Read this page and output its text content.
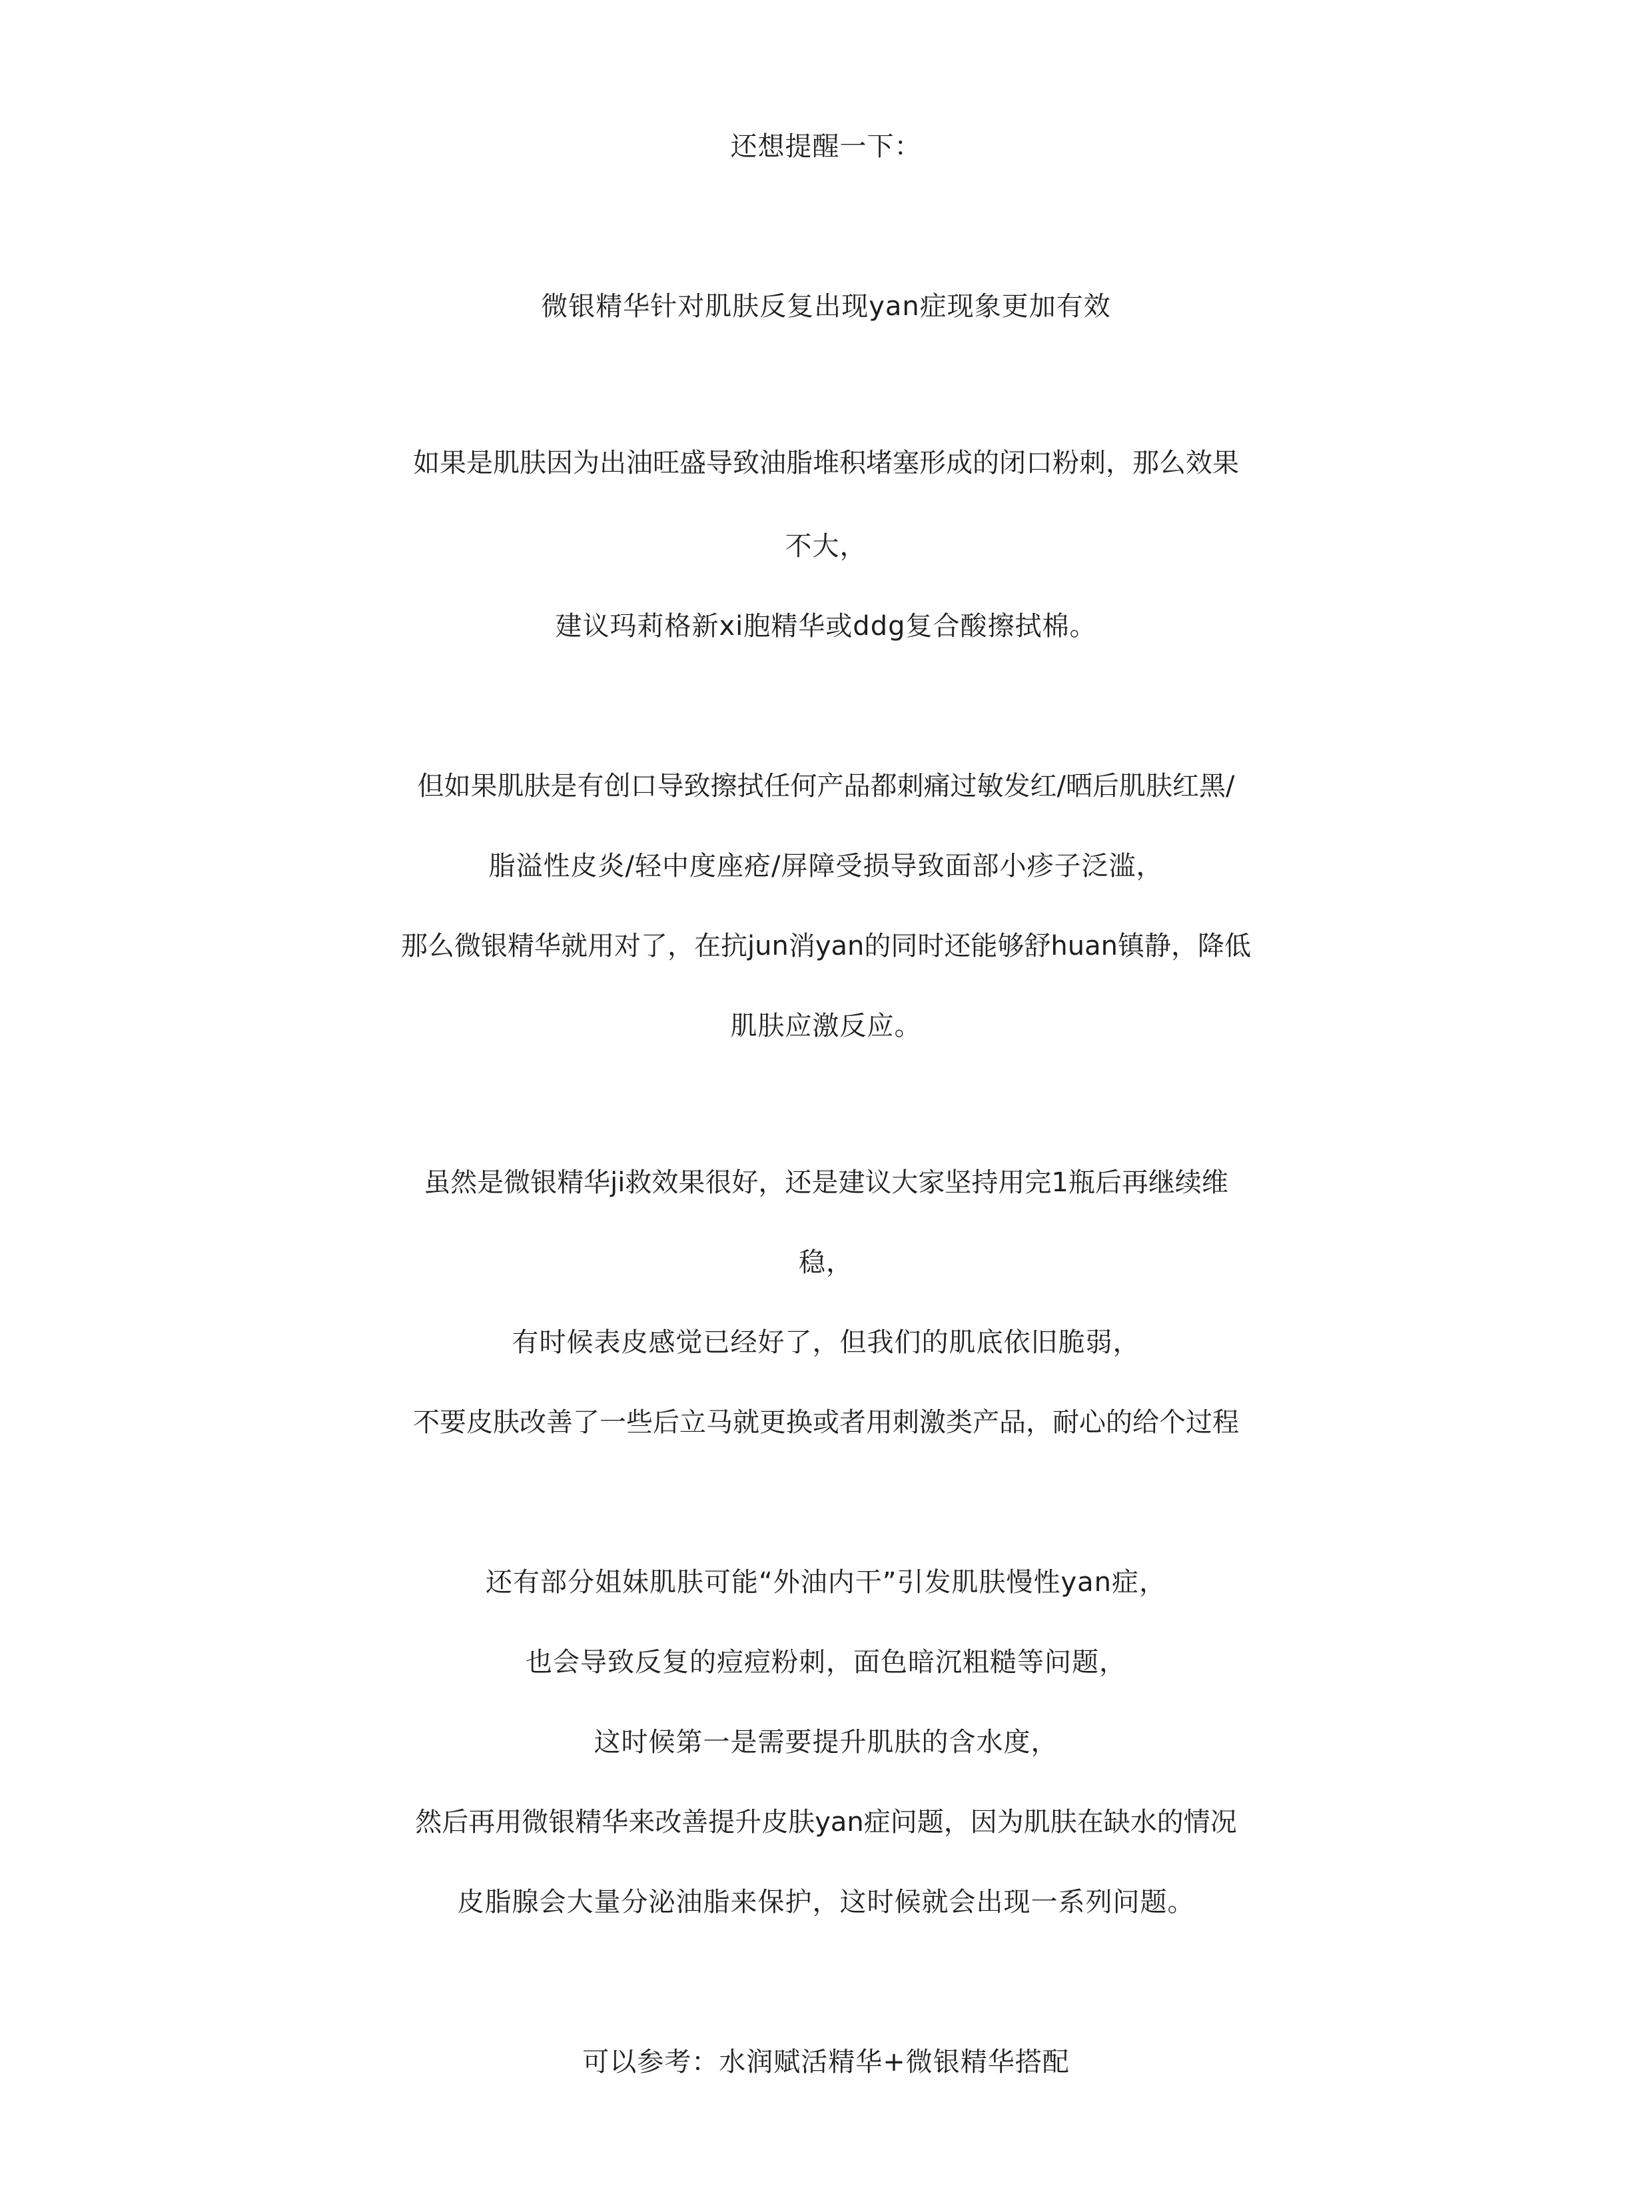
还想提醒一下：
微银精华针对肌肤反复出现yan症现象更加有效
如果是肌肤因为出油旺盛导致油脂堆积堵塞形成的闭口粉刺，那么效果
不大，
建议玛莉格新xi胞精华或ddg复合酸擦拭棉。
但如果肌肤是有创口导致擦拭任何产品都刺痛过敏发红/晒后肌肤红黑/
脂溢性皮炎/轻中度座疮/屏障受损导致面部小疹子泛滥，
那么微银精华就用对了，在抗jun消yan的同时还能够舒huan镇静，降低
肌肤应激反应。
虽然是微银精华ji救效果很好，还是建议大家坚持用完1瓶后再继续维
稳，
有时候表皮感觉已经好了，但我们的肌底依旧脆弱，
不要皮肤改善了一些后立马就更换或者用刺激类产品，耐心的给个过程
还有部分姐妹肌肤可能“外油内干”引发肌肤慢性yan症，
也会导致反复的痘痘粉刺，面色暗沉粗糙等问题，
这时候第一是需要提升肌肤的含水度，
然后再用微银精华来改善提升皮肤yan症问题，因为肌肤在缺水的情况
皮脂腺会大量分泌油脂来保护，这时候就会出现一系列问题。
可以参考：水润赋活精华+微银精华搭配
